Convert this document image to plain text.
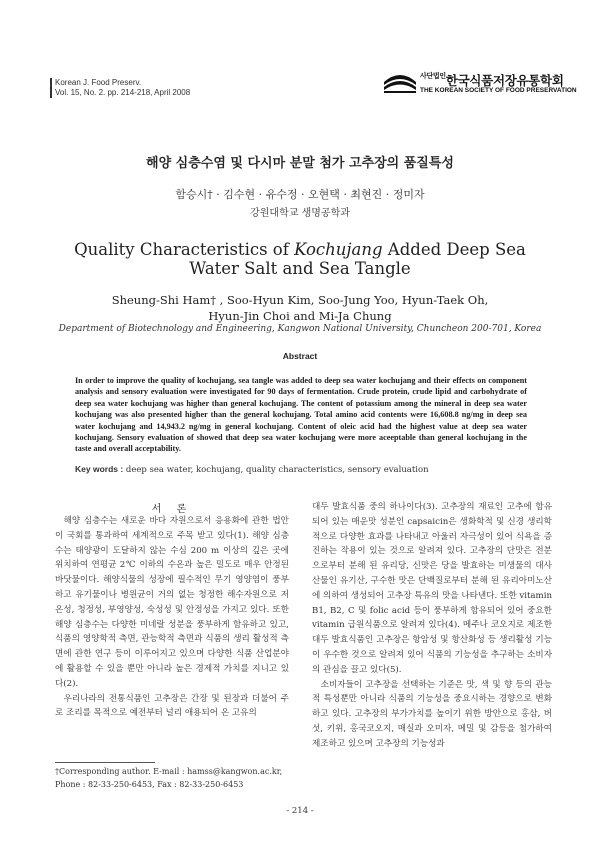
Korean J. Food Preserv.
Vol. 15, No. 2. pp. 214-218, April 2008
$^{사단법인}$한국식품저장유통학회
THE KOREAN SOCIETY OF FOOD PRESERVATION
해양 심층수염 및 다시마 분말 첨가 고추장의 품질특성
함승시† · 김수현 · 유수정 · 오현택 · 최현진 · 정미자
강원대학교 생명공학과
Quality Characteristics of Kochujang Added Deep Sea
Water Salt and Sea Tangle
Sheung-Shi Ham† , Soo-Hyun Kim, Soo-Jung Yoo, Hyun-Taek Oh,
Hyun-Jin Choi and Mi-Ja Chung
Department of Biotechnology and Engineering, Kangwon National University, Chuncheon 200-701, Korea
Abstract
In order to improve the quality of kochujang, sea tangle was added to deep sea water kochujang and their effects on component analysis and sensory evaluation were investigated for 90 days of fermentation. Crude protein, crude lipid and carbohydrate of deep sea water kochujang was higher than general kochujang. The content of potassium among the mineral in deep sea water kochujang was also presented higher than the general kochujang. Total amino acid contents were 16,608.8 ng/mg in deep sea water kochujang and 14,943.2 ng/mg in general kochujang. Content of oleic acid had the highest value at deep sea water kochujang. Sensory evaluation of showed that deep sea water kochujang were more aceeptable than general kochujang in the taste and overall acceptability.
Key words : deep sea water, kochujang, quality characteristics, sensory evaluation
서 론

해양 심층수는 새로운 바다 자원으로서 응용화에 관한 법안이 국회를 통과하여 세계적으로 주목 받고 있다(1). 해양 심층수는 태양광이 도달하지 않는 수심 200 m 이상의 깊은 곳에 위치하여 연평균 2℃ 이하의 수온과 높은 밀도로 매우 안정된 바닷물이다. 해양식물의 성장에 필수적인 무기 영양염이 풍부하고 유기물이나 병원균이 거의 없는 청정한 해수자원으로 저온성, 청정성, 부영양성, 숙성성 및 안정성을 가지고 있다. 또한 해양 심층수는 다양한 미네랄 성분을 풍부하게 함유하고 있고, 식품의 영양학적 측면, 관능학적 측면과 식품의 생리 활성적 측면에 관한 연구 등이 이루어지고 있으며 다양한 식품 산업분야에 활용할 수 있을 뿐만 아니라 높은 경제적 가치를 지니고 있다(2).

우리나라의 전통식품인 고추장은 간장 및 된장과 더불어 주로 조리를 목적으로 예전부터 널리 애용되어 온 고유의

대두 발효식품 중의 하나이다(3). 고추장의 재료인 고추에 함유되어 있는 매운맛 성분인 capsaicin은 생화학적 및 신경 생리학적으로 다양한 효과를 나타내고 아울러 자극성이 있어 식욕을 증진하는 작용이 있는 것으로 알려져 있다. 고추장의 단맛은 전분으로부터 분해 된 유리당, 신맛은 당을 발효하는 미생물의 대사산물인 유기산, 구수한 맛은 단백질로부터 분해 된 유리아미노산에 의하여 생성되어 고추장 특유의 맛을 나타낸다. 또한 vitamin B1, B2, C 및 folic acid 등이 풍부하게 함유되어 있어 중요한 vitamin 급원식품으로 알려져 있다(4). 메주나 코오지로 제조한 대두 발효식품인 고추장은 항암성 및 항산화성 등 생리활성 기능이 우수한 것으로 알려져 있어 식품의 기능성을 추구하는 소비자의 관심을 끌고 있다(5).

소비자들이 고추장을 선택하는 기준은 맛, 색 및 향 등의 관능적 특성뿐만 아니라 식품의 기능성을 중요시하는 경향으로 변화하고 있다. 고추장의 부가가치를 높이기 위한 방안으로 홍삼, 버섯, 키위, 홍국코오지, 매실과 오미자, 메밀 및 감등을 첨가하여 제조하고 있으며 고추장의 기능성과

†Corresponding author. E-mail : hamss@kangwon.ac.kr,
Phone : 82-33-250-6453, Fax : 82-33-250-6453
- 214 -
